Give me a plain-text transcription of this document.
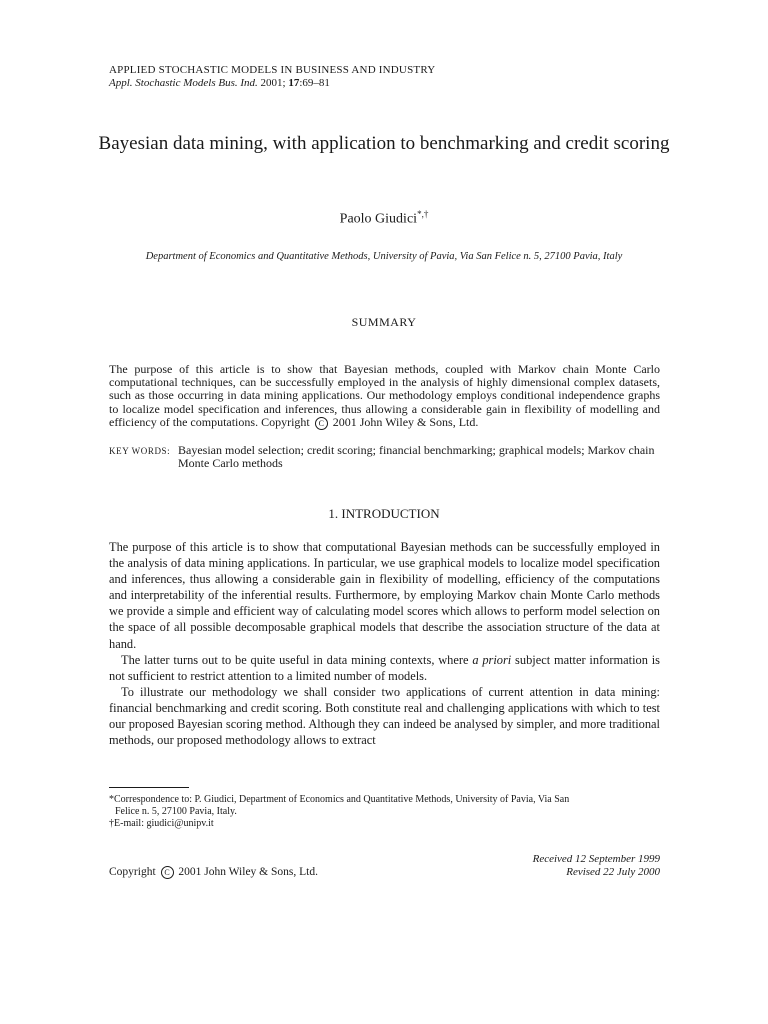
APPLIED STOCHASTIC MODELS IN BUSINESS AND INDUSTRY
Appl. Stochastic Models Bus. Ind. 2001; 17:69–81
Bayesian data mining, with application to benchmarking and credit scoring
Paolo Giudici*,†
Department of Economics and Quantitative Methods, University of Pavia, Via San Felice n. 5, 27100 Pavia, Italy
SUMMARY
The purpose of this article is to show that Bayesian methods, coupled with Markov chain Monte Carlo computational techniques, can be successfully employed in the analysis of highly dimensional complex datasets, such as those occurring in data mining applications. Our methodology employs conditional independence graphs to localize model specification and inferences, thus allowing a considerable gain in flexibility of modelling and efficiency of the computations. Copyright C 2001 John Wiley & Sons, Ltd.
KEY WORDS: Bayesian model selection; credit scoring; financial benchmarking; graphical models; Markov chain Monte Carlo methods
1. INTRODUCTION

The purpose of this article is to show that computational Bayesian methods can be successfully employed in the analysis of data mining applications. In particular, we use graphical models to localize model specification and inferences, thus allowing a considerable gain in flexibility of modelling, efficiency of the computations and interpretability of the inferential results. Furthermore, by employing Markov chain Monte Carlo methods we provide a simple and efficient way of calculating model scores which allows to perform model selection on the space of all possible decomposable graphical models that describe the association structure of the data at hand.

The latter turns out to be quite useful in data mining contexts, where a priori subject matter information is not sufficient to restrict attention to a limited number of models.

To illustrate our methodology we shall consider two applications of current attention in data mining: financial benchmarking and credit scoring. Both constitute real and challenging applications with which to test our proposed Bayesian scoring method. Although they can indeed be analysed by simpler, and more traditional methods, our proposed methodology allows to extract

*Correspondence to: P. Giudici, Department of Economics and Quantitative Methods, University of Pavia, Via San
Felice n. 5, 27100 Pavia, Italy.
†E-mail: giudici@unipv.it
Copyright C 2001 John Wiley & Sons, Ltd.
Received 12 September 1999
Revised 22 July 2000
